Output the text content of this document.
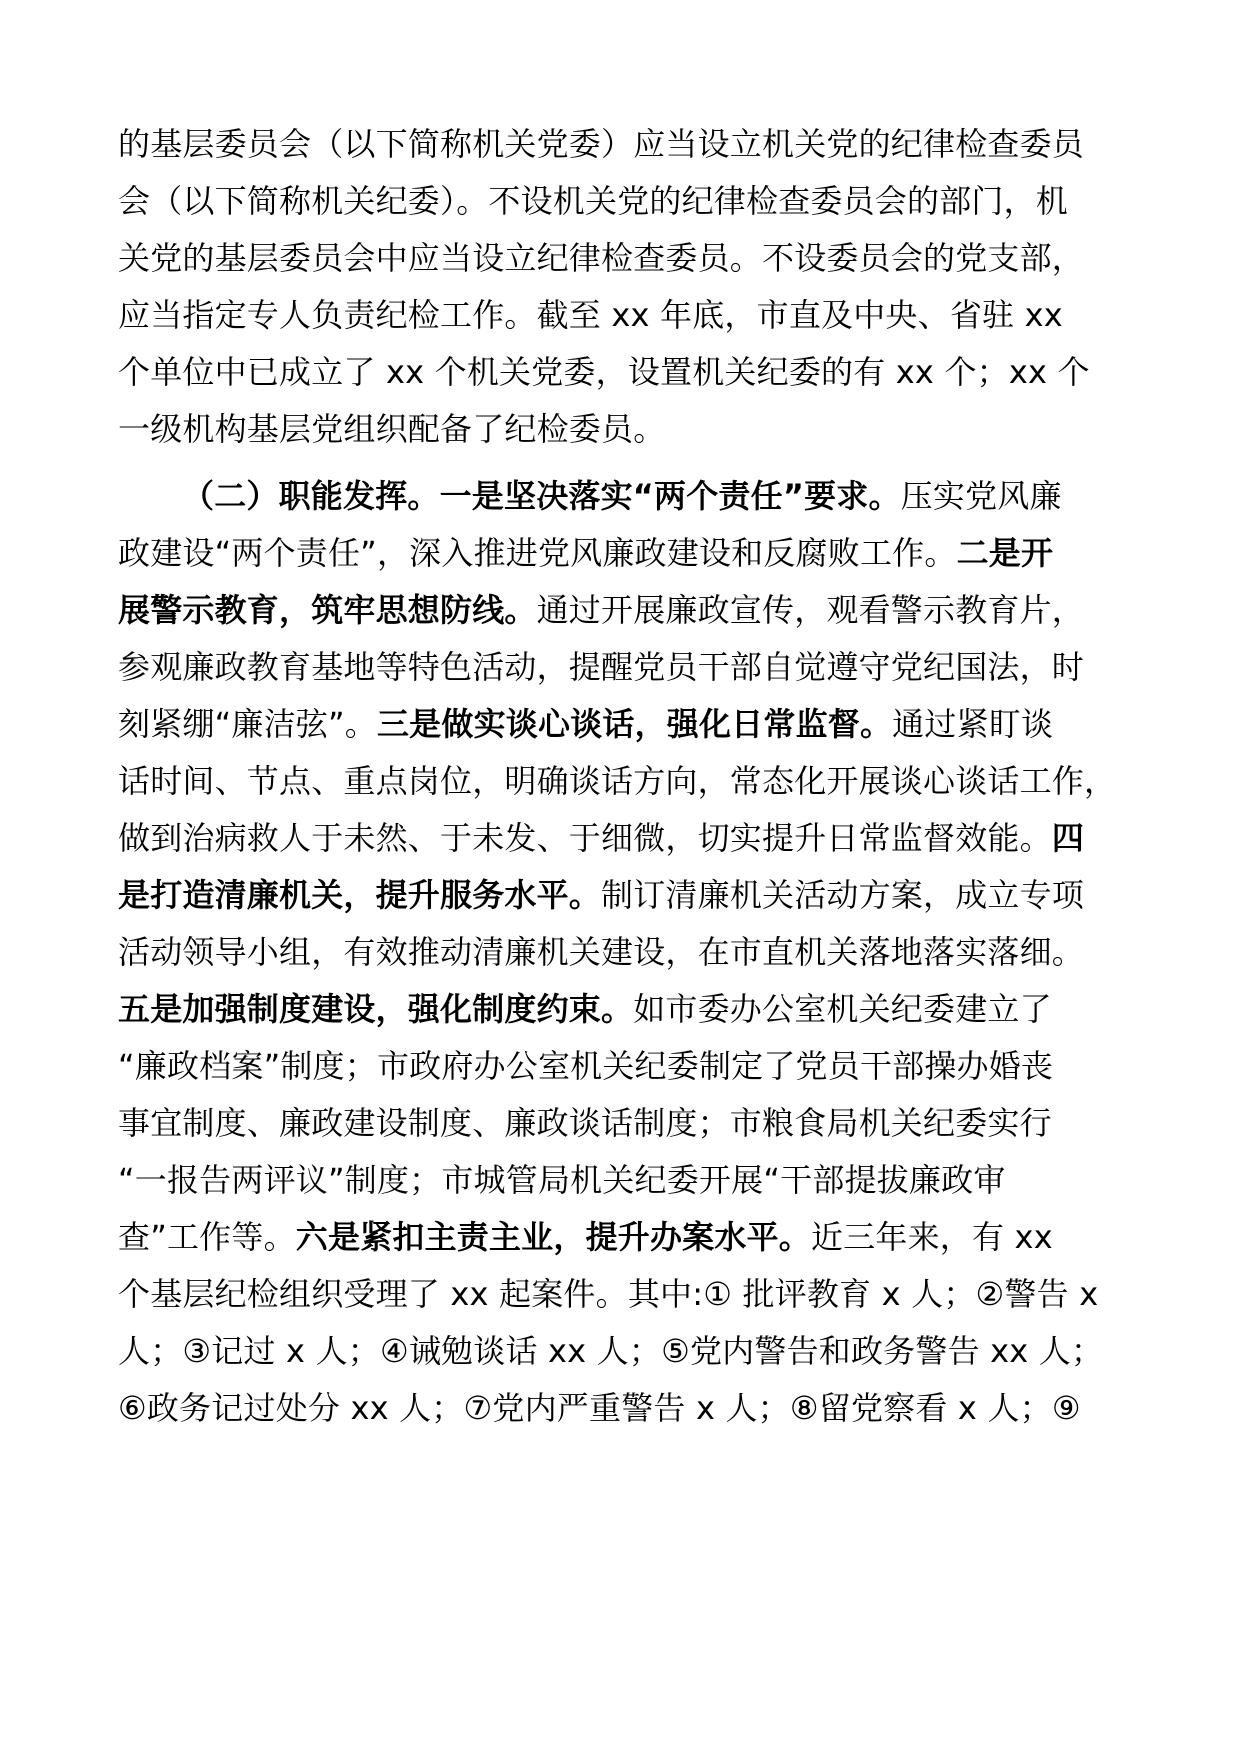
的基层委员会（以下简称机关党委）应当设立机关党的纪律检查委员
会（以下简称机关纪委）。不设机关党的纪律检查委员会的部门，机
关党的基层委员会中应当设立纪律检查委员。不设委员会的党支部，
应当指定专人负责纪检工作。截至 xx 年底，市直及中央、省驻 xx
个单位中已成立了 xx 个机关党委，设置机关纪委的有 xx 个；xx 个
一级机构基层党组织配备了纪检委员。
（二）职能发挥。一是坚决落实“两个责任”要求。压实党风廉
政建设“两个责任”，深入推进党风廉政建设和反腐败工作。二是开
展警示教育，筑牢思想防线。通过开展廉政宣传，观看警示教育片，
参观廉政教育基地等特色活动，提醒党员干部自觉遵守党纪国法，时
刻紧绷“廉洁弦”。三是做实谈心谈话，强化日常监督。通过紧盯谈
话时间、节点、重点岗位，明确谈话方向，常态化开展谈心谈话工作，
做到治病救人于未然、于未发、于细微，切实提升日常监督效能。四
是打造清廉机关，提升服务水平。制订清廉机关活动方案，成立专项
活动领导小组，有效推动清廉机关建设，在市直机关落地落实落细。
五是加强制度建设，强化制度约束。如市委办公室机关纪委建立了
“廉政档案”制度；市政府办公室机关纪委制定了党员干部操办婚丧
事宜制度、廉政建设制度、廉政谈话制度；市粮食局机关纪委实行
“一报告两评议”制度；市城管局机关纪委开展“干部提拔廉政审
查”工作等。六是紧扣主责主业，提升办案水平。近三年来，有 xx
个基层纪检组织受理了 xx 起案件。其中:① 批评教育 x 人；②警告 x
人；③记过 x 人；④诫勉谈话 xx 人；⑤党内警告和政务警告 xx 人；
⑥政务记过处分 xx 人；⑦党内严重警告 x 人；⑧留党察看 x 人；⑨
